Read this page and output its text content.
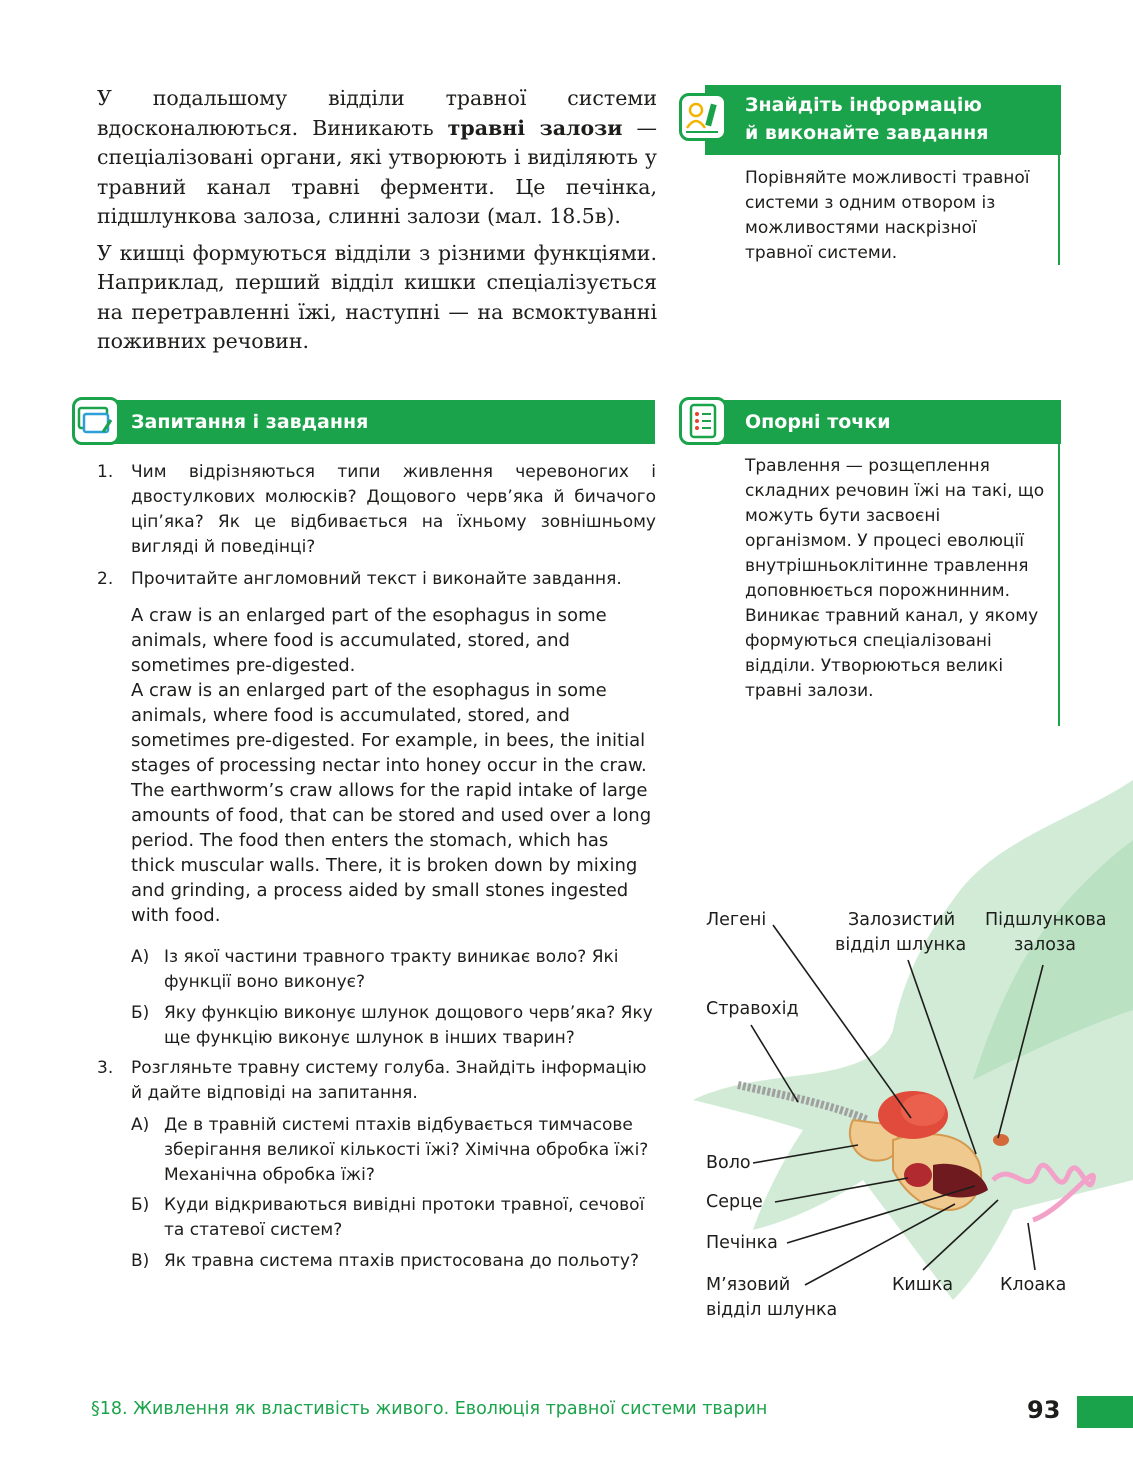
У подальшому відділи травної системи вдосконалюються. Виникають травні залози — спеціалізовані органи, які утворюють і виділяють у травний канал травні ферменти. Це печінка, підшлункова залоза, слинні залози (мал. 18.5в).

У кишці формуються відділи з різними функціями. Наприклад, перший відділ кишки спеціалізується на перетравленні їжі, наступні — на всмоктуванні поживних речовин.

Знайдіть інформацію
й виконайте завдання
Порівняйте можливості травної системи з одним отвором із можливостями наскрізної травної системи.
Запитання і завдання	Опорні точки
Травлення — розщеплення складних речовин їжі на такі, що можуть бути засвоєні організмом. У процесі еволюції внутрішньоклітинне травлення доповнюється порожнинним. Виникає травний канал, у якому формуються спеціалізовані відділи. Утворюються великі травні залози.
1. Чим відрізняються типи живлення черевоногих і двостулкових молюсків? Дощового черв’яка й бичачого ціп’яка? Як це відбивається на їхньому зовнішньому вигляді й поведінці?
2. Прочитайте англомовний текст і виконайте завдання.
A craw is an enlarged part of the esophagus in some animals, where food is accumulated, stored, and sometimes pre-digested.
A craw is an enlarged part of the esophagus in some animals, where food is accumulated, stored, and sometimes pre-digested. For example, in bees, the initial stages of processing nectar into honey occur in the craw. The earthworm’s craw allows for the rapid intake of large amounts of food, that can be stored and used over a long period. The food then enters the stomach, which has thick muscular walls. There, it is broken down by mixing and grinding, a process aided by small stones ingested with food.
А) Із якої частини травного тракту виникає воло? Які функції воно виконує?
Б) Яку функцію виконує шлунок дощового черв’яка? Яку ще функцію виконує шлунок в інших тварин?
3. Розгляньте травну систему голуба. Знайдіть інформацію й дайте відповіді на запитання.
А) Де в травній системі птахів відбувається тимчасове зберігання великої кількості їжі? Хімічна обробка їжі? Механічна обробка їжі?
Б) Куди відкриваються вивідні протоки травної, сечової та статевої систем?
В) Як травна система птахів пристосована до польоту?
Легені	Залозистий
відділ шлунка
Підшлункова
залоза
Стравохід
Воло
Серце
Печінка
М’язовий
відділ шлунка
Кишка	Клоака
§18. Живлення як властивість живого. Еволюція травної системи тварин	93
